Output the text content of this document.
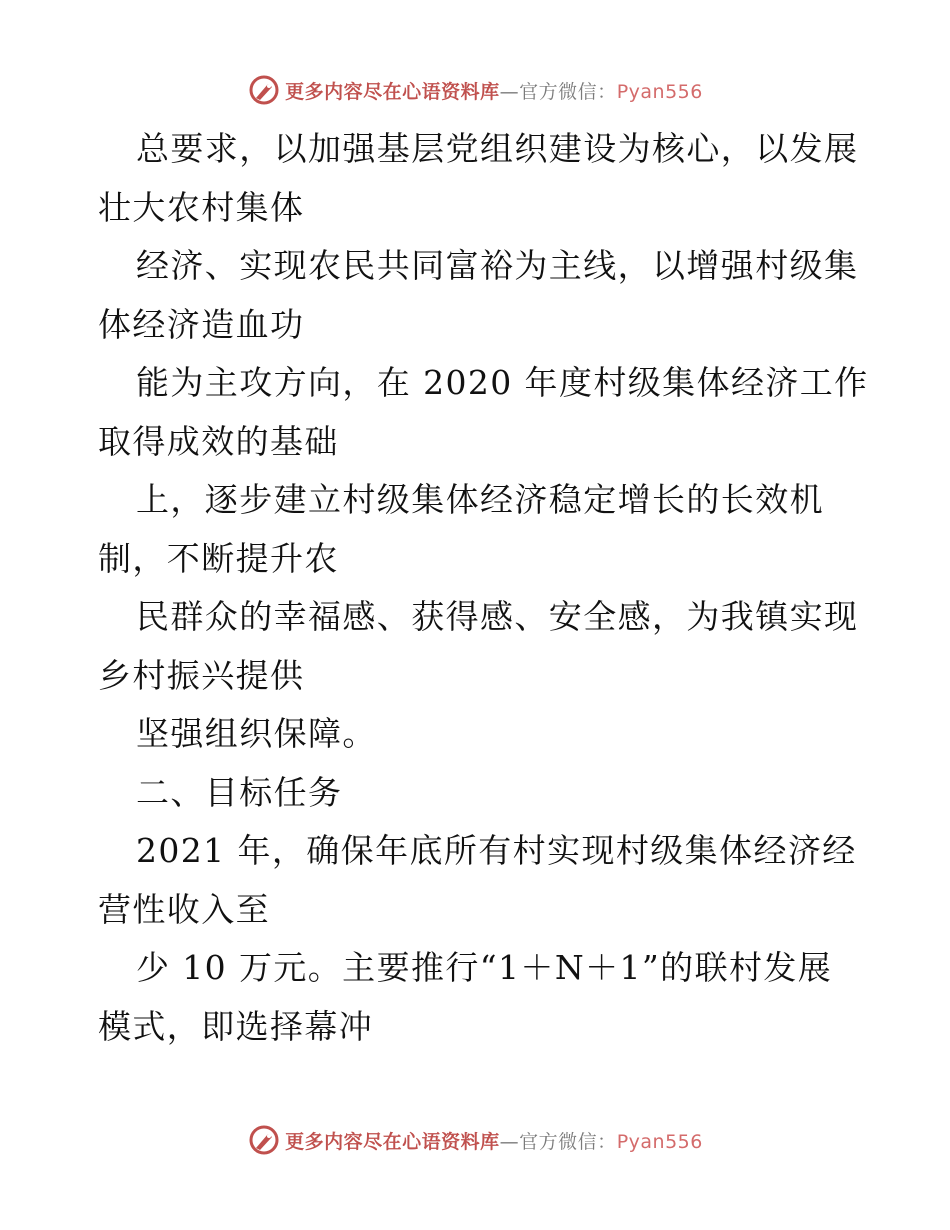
更多内容尽在心语资料库—官方微信：Pyan556
总要求，以加强基层党组织建设为核心，以发展
壮大农村集体
经济、实现农民共同富裕为主线，以增强村级集
体经济造血功
能为主攻方向，在 2020 年度村级集体经济工作
取得成效的基础
上，逐步建立村级集体经济稳定增长的长效机
制，不断提升农
民群众的幸福感、获得感、安全感，为我镇实现
乡村振兴提供
坚强组织保障。
二、目标任务
2021 年，确保年底所有村实现村级集体经济经
营性收入至
少 10 万元。主要推行“1＋N＋1”的联村发展
模式，即选择幕冲
更多内容尽在心语资料库—官方微信：Pyan556
